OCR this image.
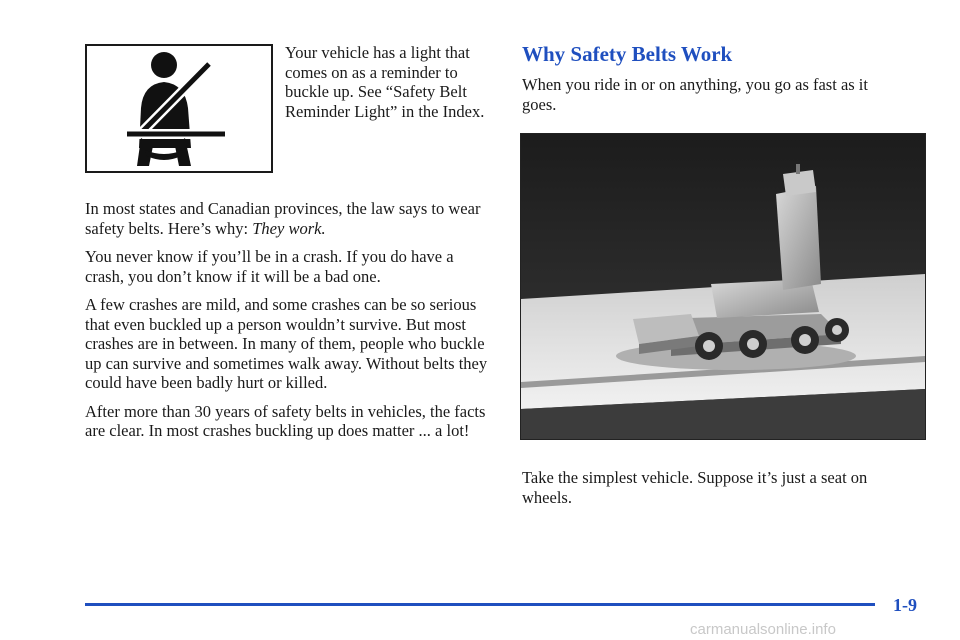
Your vehicle has a light that comes on as a reminder to buckle up. See “Safety Belt Reminder Light” in the Index.

In most states and Canadian provinces, the law says to wear safety belts. Here’s why: They work.

You never know if you’ll be in a crash. If you do have a crash, you don’t know if it will be a bad one.

A few crashes are mild, and some crashes can be so serious that even buckled up a person wouldn’t survive. But most crashes are in between. In many of them, people who buckle up can survive and sometimes walk away. Without belts they could have been badly hurt or killed.

After more than 30 years of safety belts in vehicles, the facts are clear. In most crashes buckling up does matter ... a lot!

Why Safety Belts Work

When you ride in or on anything, you go as fast as it goes.

Take the simplest vehicle. Suppose it’s just a seat on wheels.

1-9
carmanualsonline.info
